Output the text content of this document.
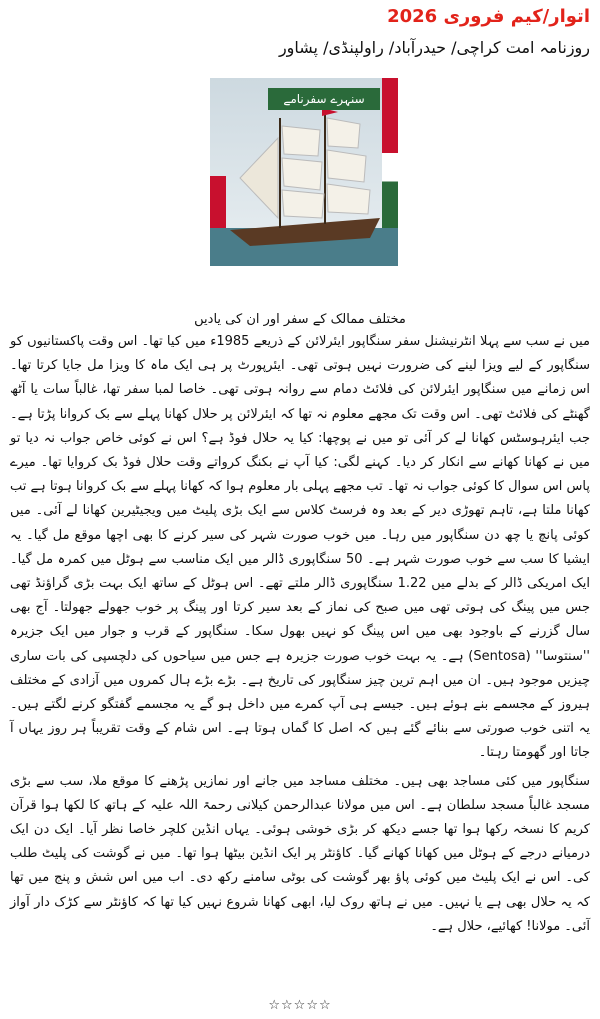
اتوار/کیم فروری 2026
روزنامہ امت کراچی/ حیدرآباد/ راولپنڈی/ پشاور
سنہرے سفرنامے
مختلف ممالک کے سفر اور ان کی یادیں

میں نے سب سے پہلا انٹرنیشنل سفر سنگاپور ایئرلائن کے ذریعے 1985ء میں کیا تھا۔ اس وقت پاکستانیوں کو سنگاپور کے لیے ویزا لینے کی ضرورت نہیں ہوتی تھی۔ ایئرپورٹ پر ہی ایک ماہ کا ویزا مل جایا کرتا تھا۔ اس زمانے میں سنگاپور ایئرلائن کی فلائٹ دمام سے روانہ ہوتی تھی۔ خاصا لمبا سفر تھا، غالباً سات یا آٹھ گھنٹے کی فلائٹ تھی۔ اس وقت تک مجھے معلوم نہ تھا کہ ایئرلائن پر حلال کھانا پہلے سے بک کروانا پڑتا ہے۔ جب ایئرہوسٹس کھانا لے کر آئی تو میں نے پوچھا: کیا یہ حلال فوڈ ہے؟ اس نے کوئی خاص جواب نہ دیا تو میں نے کھانا کھانے سے انکار کر دیا۔ کہنے لگی: کیا آپ نے بکنگ کرواتے وقت حلال فوڈ بک کروایا تھا۔ میرے پاس اس سوال کا کوئی جواب نہ تھا۔ تب مجھے پہلی بار معلوم ہوا کہ کھانا پہلے سے بک کروانا ہوتا ہے تب کھانا ملتا ہے، تاہم تھوڑی دیر کے بعد وہ فرسٹ کلاس سے ایک بڑی پلیٹ میں ویجیٹیرین کھانا لے آئی۔ میں کوئی پانچ یا چھ دن سنگاپور میں رہا۔ میں خوب صورت شہر کی سیر کرنے کا بھی اچھا موقع مل گیا۔ یہ ایشیا کا سب سے خوب صورت شہر ہے۔ 50 سنگاپوری ڈالر میں ایک مناسب سے ہوٹل میں کمرہ مل گیا۔ ایک امریکی ڈالر کے بدلے میں 1.22 سنگاپوری ڈالر ملتے تھے۔ اس ہوٹل کے ساتھ ایک بہت بڑی گراؤنڈ تھی جس میں پینگ کی ہوتی تھی میں صبح کی نماز کے بعد سیر کرتا اور پینگ پر خوب جھولے جھولتا۔ آج بھی سال گزرنے کے باوجود بھی میں اس پینگ کو نہیں بھول سکا۔ سنگاپور کے قرب و جوار میں ایک جزیرہ ''سنتوسا'' (Sentosa) ہے۔ یہ بہت خوب صورت جزیرہ ہے جس میں سیاحوں کی دلچسپی کی بات ساری چیزیں موجود ہیں۔ ان میں اہم ترین چیز سنگاپور کی تاریخ ہے۔ بڑے بڑے ہال کمروں میں آزادی کے مختلف ہیروز کے مجسمے بنے ہوئے ہیں۔ جیسے ہی آپ کمرے میں داخل ہو گے یہ مجسمے گفتگو کرنے لگتے ہیں۔ یہ اتنی خوب صورتی سے بنائے گئے ہیں کہ اصل کا گماں ہوتا ہے۔ اس شام کے وقت تقریباً ہر روز یہاں آ جاتا اور گھومتا رہتا۔

سنگاپور میں کئی مساجد بھی ہیں۔ مختلف مساجد میں جانے اور نمازیں پڑھنے کا موقع ملا، سب سے بڑی مسجد غالباً مسجد سلطان ہے۔ اس میں مولانا عبدالرحمن کیلانی رحمۃ اللہ علیہ کے ہاتھ کا لکھا ہوا قرآن کریم کا نسخہ رکھا ہوا تھا جسے دیکھ کر بڑی خوشی ہوئی۔ یہاں انڈین کلچر خاصا نظر آیا۔ ایک دن ایک درمیانے درجے کے ہوٹل میں کھانا کھانے گیا۔ کاؤنٹر پر ایک انڈین بیٹھا ہوا تھا۔ میں نے گوشت کی پلیٹ طلب کی۔ اس نے ایک پلیٹ میں کوئی پاؤ بھر گوشت کی بوٹی سامنے رکھ دی۔ اب میں اس شش و پنج میں تھا کہ یہ حلال بھی ہے یا نہیں۔ میں نے ہاتھ روک لیا، ابھی کھانا شروع نہیں کیا تھا کہ کاؤنٹر سے کڑک دار آواز آئی۔ مولانا! کھائیے، حلال ہے۔

☆☆☆☆☆
